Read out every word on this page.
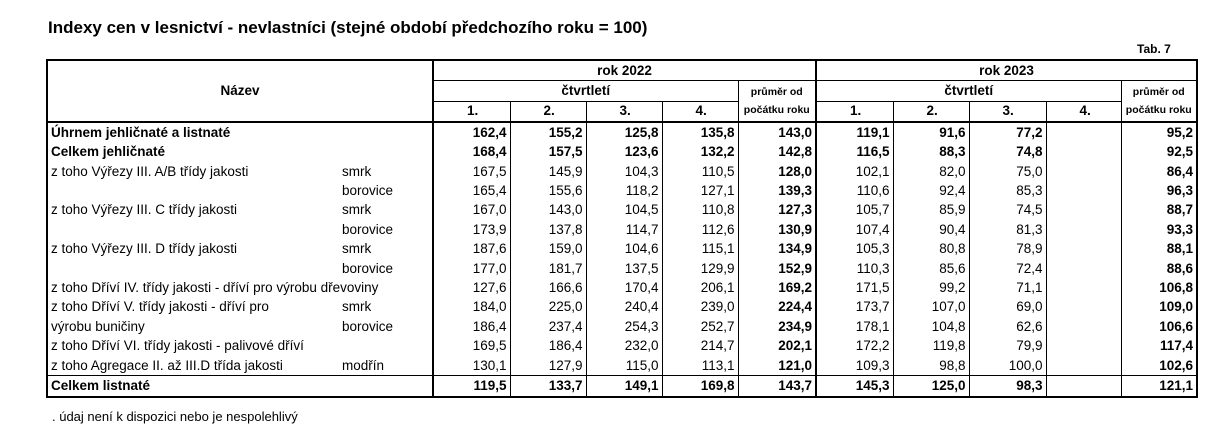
Indexy cen v lesnictví - nevlastníci (stejné období předchozího roku = 100)
Tab. 7
Název		rok 2022					rok 2023				
		čtvrtletí				průměr od počátku roku	čtvrtletí				průměr od počátku roku
		1.	2.	3.	4.		1.	2.	3.	4.	
Úhrnem jehličnaté a listnaté		162,4	155,2	125,8	135,8	143,0	119,1	91,6	77,2		95,2
Celkem jehličnaté		168,4	157,5	123,6	132,2	142,8	116,5	88,3	74,8		92,5
z toho Výřezy III. A/B třídy jakosti	smrk	167,5	145,9	104,3	110,5	128,0	102,1	82,0	75,0		86,4
	borovice	165,4	155,6	118,2	127,1	139,3	110,6	92,4	85,3		96,3
z toho Výřezy III. C třídy jakosti	smrk	167,0	143,0	104,5	110,8	127,3	105,7	85,9	74,5		88,7
	borovice	173,9	137,8	114,7	112,6	130,9	107,4	90,4	81,3		93,3
z toho Výřezy III. D třídy jakosti	smrk	187,6	159,0	104,6	115,1	134,9	105,3	80,8	78,9		88,1
	borovice	177,0	181,7	137,5	129,9	152,9	110,3	85,6	72,4		88,6
z toho Dříví IV. třídy jakosti - dříví pro výrobu dřevoviny		127,6	166,6	170,4	206,1	169,2	171,5	99,2	71,1		106,8
z toho Dříví V. třídy jakosti - dříví pro	smrk	184,0	225,0	240,4	239,0	224,4	173,7	107,0	69,0		109,0
výrobu buničiny	borovice	186,4	237,4	254,3	252,7	234,9	178,1	104,8	62,6		106,6
z toho Dříví VI. třídy jakosti - palivové dříví		169,5	186,4	232,0	214,7	202,1	172,2	119,8	79,9		117,4
z toho Agregace II. až III.D třída jakosti	modřín	130,1	127,9	115,0	113,1	121,0	109,3	98,8	100,0		102,6
Celkem listnaté		119,5	133,7	149,1	169,8	143,7	145,3	125,0	98,3		121,1
. údaj není k dispozici nebo je nespolehlivý
